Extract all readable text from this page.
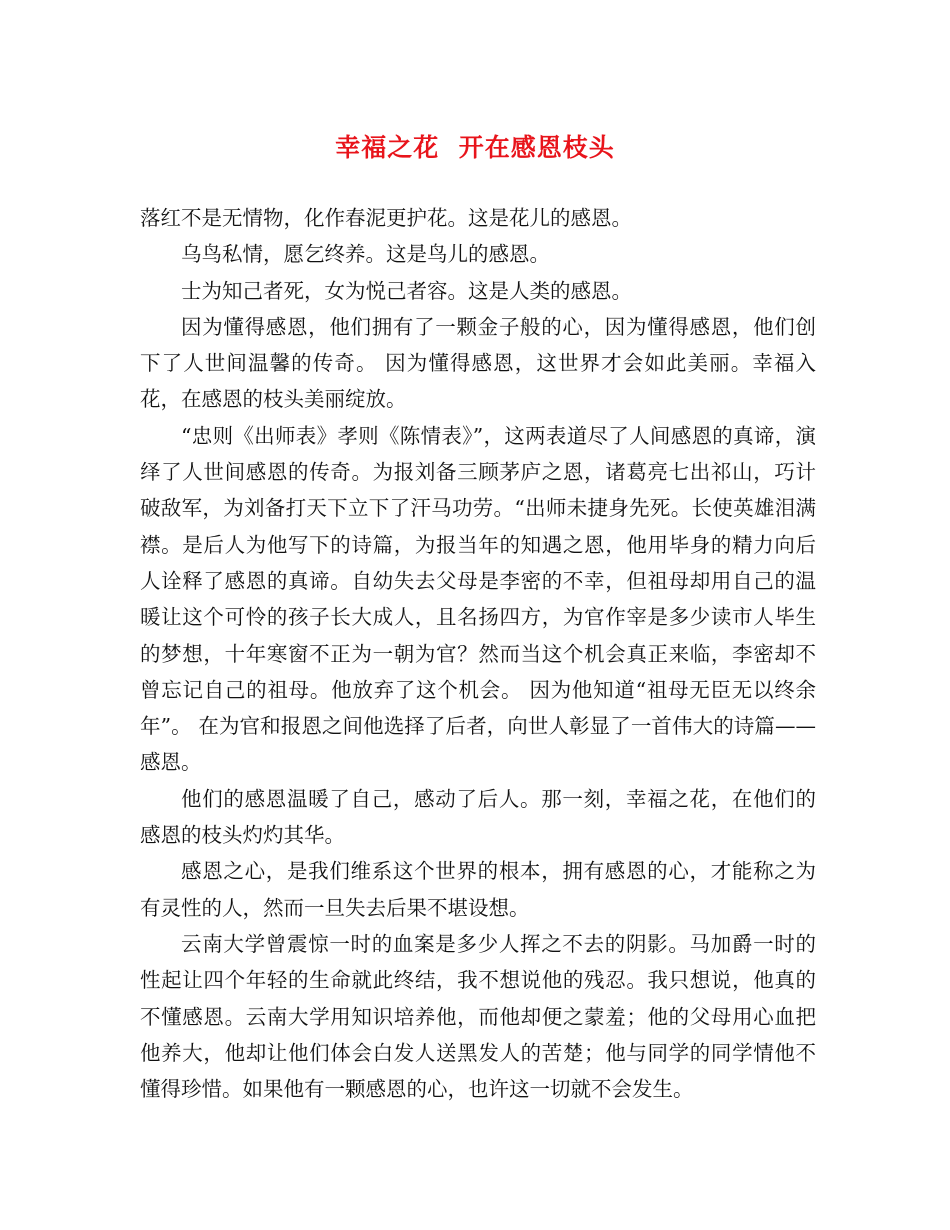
幸福之花  开在感恩枝头

落红不是无情物，化作春泥更护花。这是花儿的感恩。

乌鸟私情，愿乞终养。这是鸟儿的感恩。

士为知己者死，女为悦己者容。这是人类的感恩。

因为懂得感恩，他们拥有了一颗金子般的心，因为懂得感恩，他们创下了人世间温馨的传奇。 因为懂得感恩，这世界才会如此美丽。幸福入花，在感恩的枝头美丽绽放。

“忠则《出师表》孝则《陈情表》”，这两表道尽了人间感恩的真谛，演绎了人世间感恩的传奇。为报刘备三顾茅庐之恩，诸葛亮七出祁山，巧计破敌军，为刘备打天下立下了汗马功劳。“出师未捷身先死。长使英雄泪满襟。是后人为他写下的诗篇，为报当年的知遇之恩，他用毕身的精力向后人诠释了感恩的真谛。自幼失去父母是李密的不幸，但祖母却用自己的温暖让这个可怜的孩子长大成人，且名扬四方，为官作宰是多少读市人毕生的梦想，十年寒窗不正为一朝为官？然而当这个机会真正来临，李密却不曾忘记自己的祖母。他放弃了这个机会。 因为他知道“祖母无臣无以终余年”。 在为官和报恩之间他选择了后者，向世人彰显了一首伟大的诗篇——感恩。

他们的感恩温暖了自己，感动了后人。那一刻，幸福之花，在他们的感恩的枝头灼灼其华。

感恩之心，是我们维系这个世界的根本，拥有感恩的心，才能称之为有灵性的人，然而一旦失去后果不堪设想。

云南大学曾震惊一时的血案是多少人挥之不去的阴影。马加爵一时的性起让四个年轻的生命就此终结，我不想说他的残忍。我只想说，他真的不懂感恩。云南大学用知识培养他，而他却便之蒙羞；他的父母用心血把他养大，他却让他们体会白发人送黑发人的苦楚；他与同学的同学情他不懂得珍惜。如果他有一颗感恩的心，也许这一切就不会发生。
